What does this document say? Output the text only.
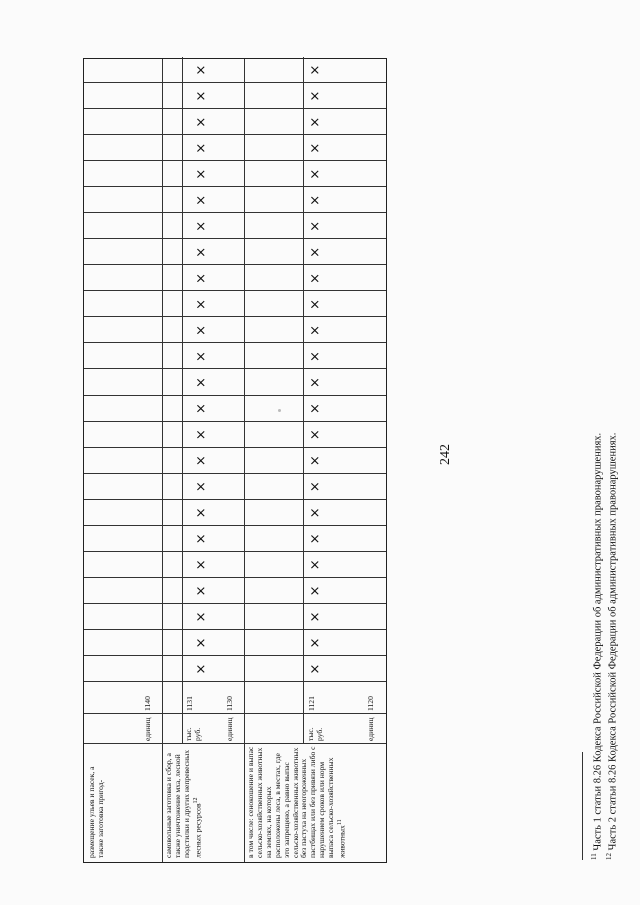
242
в том числе: сенокошение и выпас сельско-хозяйственных животных на землях, на которых расположены леса, в местах, где это запрещено, а равно выпас сельско-хозяйственных животных без пастуха на неогороженных пастбищах или без привязи либо с нарушением сроков или норм выпаса сельско-хозяйственных животных$^{11}$
самовольные заготовка и сбор, а также уничтожение мха, лесной подстилки и других непревесных лесных ресурсов$^{12}$
размещение ульев и пасек, а также заготовка пригод-
единиц
тыс. руб.
1120
1121
единиц
тыс. руб.
1130
1131
единиц
1140
×
×
×
×
×
×
×
×
×
×
×
×
×
×
×
×
×
×
×
×
×
×
×
×
×
×
×
×
×
×
×
×
×
×
×
×
×
×
×
×
×
×
×
×
×
×
×
×
$^{11}$ Часть 1 статьи 8.26 Кодекса Российской Федерации об административных правонарушениях.
$^{12}$ Часть 2 статьи 8.26 Кодекса Российской Федерации об административных правонарушениях.
